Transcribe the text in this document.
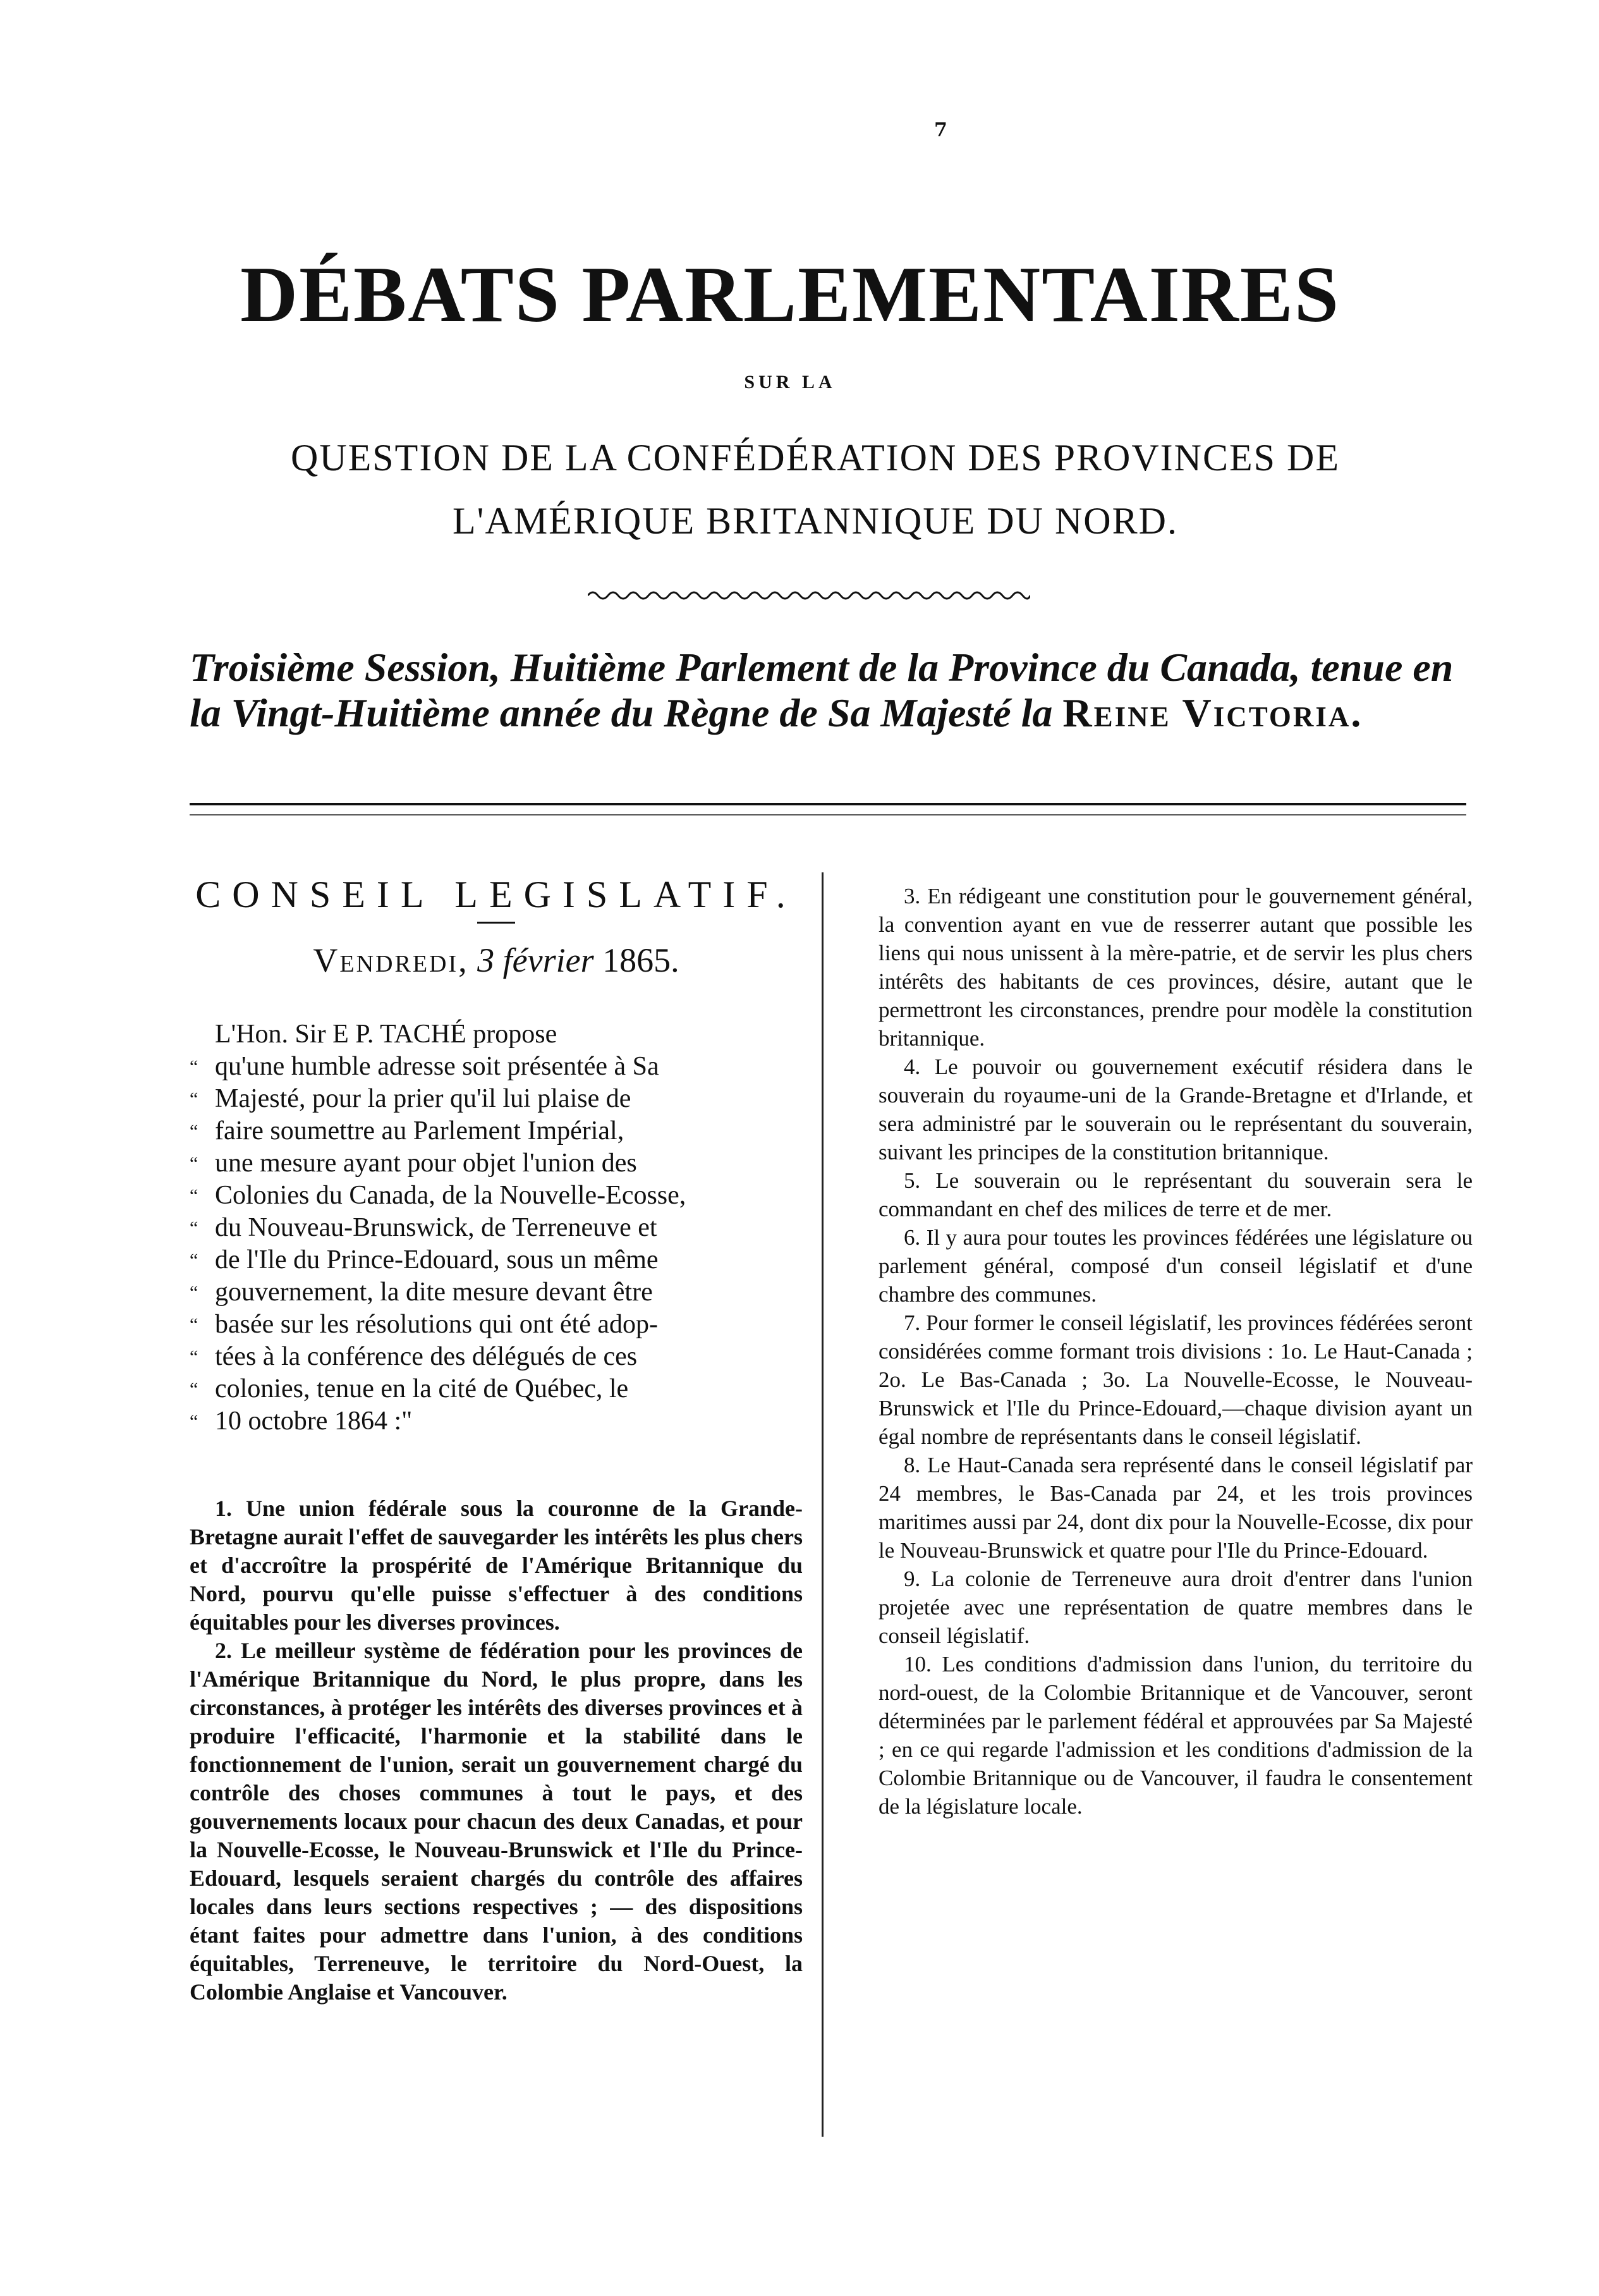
7
DÉBATS PARLEMENTAIRES
SUR LA
QUESTION DE LA CONFÉDÉRATION DES PROVINCES DE
L'AMÉRIQUE BRITANNIQUE DU NORD.
Troisième Session, Huitième Parlement de la Province du Canada, tenue en la Vingt-Huitième année du Règne de Sa Majesté la Reine Victoria.

CONSEIL LEGISLATIF.

Vendredi, 3 février 1865.
L'Hon. Sir E P. TACHÉ propose
“ qu'une humble adresse soit présentée à Sa
“ Majesté, pour la prier qu'il lui plaise de
“ faire soumettre au Parlement Impérial,
“ une mesure ayant pour objet l'union des
“ Colonies du Canada, de la Nouvelle-Ecosse,
“ du Nouveau-Brunswick, de Terreneuve et
“ de l'Ile du Prince-Edouard, sous un même
“ gouvernement, la dite mesure devant être
“ basée sur les résolutions qui ont été adop-
“ tées à la conférence des délégués de ces
“ colonies, tenue en la cité de Québec, le
“ 10 octobre 1864 :"

1. Une union fédérale sous la couronne de la Grande-Bretagne aurait l'effet de sauvegarder les intérêts les plus chers et d'accroître la prospérité de l'Amérique Britannique du Nord, pourvu qu'elle puisse s'effectuer à des conditions équitables pour les diverses provinces.

2. Le meilleur système de fédération pour les provinces de l'Amérique Britannique du Nord, le plus propre, dans les circonstances, à protéger les intérêts des diverses provinces et à produire l'efficacité, l'harmonie et la stabilité dans le fonctionnement de l'union, serait un gouvernement chargé du contrôle des choses communes à tout le pays, et des gouvernements locaux pour chacun des deux Canadas, et pour la Nouvelle-Ecosse, le Nouveau-Brunswick et l'Ile du Prince-Edouard, lesquels seraient chargés du contrôle des affaires locales dans leurs sections respectives ; — des dispositions étant faites pour admettre dans l'union, à des conditions équitables, Terreneuve, le territoire du Nord-Ouest, la Colombie Anglaise et Vancouver.

3. En rédigeant une constitution pour le gouvernement général, la convention ayant en vue de resserrer autant que possible les liens qui nous unissent à la mère-patrie, et de servir les plus chers intérêts des habitants de ces provinces, désire, autant que le permettront les circonstances, prendre pour modèle la constitution britannique.

4. Le pouvoir ou gouvernement exécutif résidera dans le souverain du royaume-uni de la Grande-Bretagne et d'Irlande, et sera administré par le souverain ou le représentant du souverain, suivant les principes de la constitution britannique.

5. Le souverain ou le représentant du souverain sera le commandant en chef des milices de terre et de mer.

6. Il y aura pour toutes les provinces fédérées une législature ou parlement général, composé d'un conseil législatif et d'une chambre des communes.

7. Pour former le conseil législatif, les provinces fédérées seront considérées comme formant trois divisions : 1o. Le Haut-Canada ; 2o. Le Bas-Canada ; 3o. La Nouvelle-Ecosse, le Nouveau-Brunswick et l'Ile du Prince-Edouard,—chaque division ayant un égal nombre de représentants dans le conseil législatif.

8. Le Haut-Canada sera représenté dans le conseil législatif par 24 membres, le Bas-Canada par 24, et les trois provinces maritimes aussi par 24, dont dix pour la Nouvelle-Ecosse, dix pour le Nouveau-Brunswick et quatre pour l'Ile du Prince-Edouard.

9. La colonie de Terreneuve aura droit d'entrer dans l'union projetée avec une représentation de quatre membres dans le conseil législatif.

10. Les conditions d'admission dans l'union, du territoire du nord-ouest, de la Colombie Britannique et de Vancouver, seront déterminées par le parlement fédéral et approuvées par Sa Majesté ; en ce qui regarde l'admission et les conditions d'admission de la Colombie Britannique ou de Vancouver, il faudra le consentement de la législature locale.
